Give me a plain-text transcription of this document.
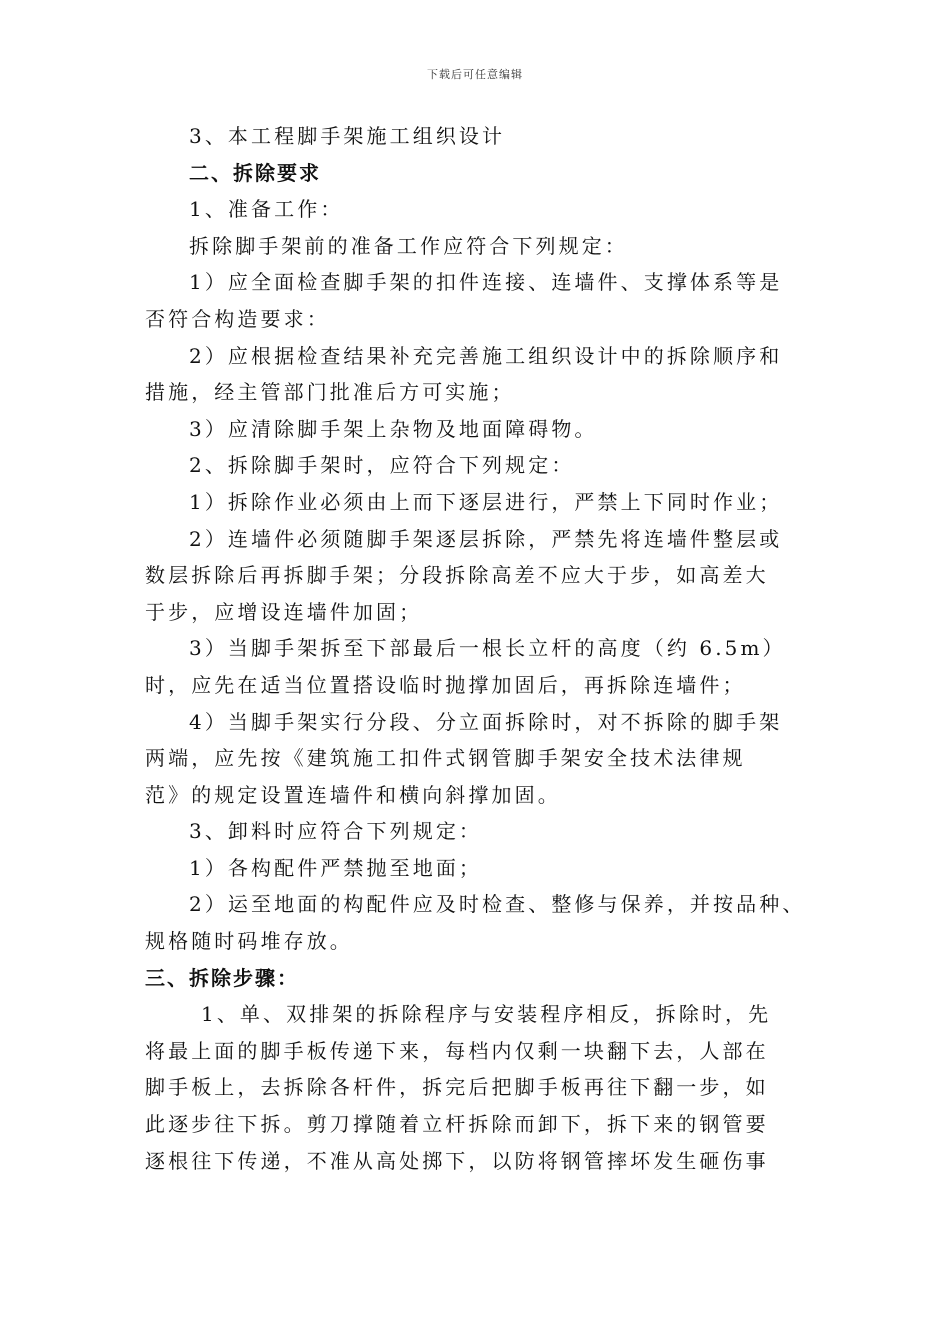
下载后可任意编辑
3、本工程脚手架施工组织设计
二、拆除要求
1、准备工作：
拆除脚手架前的准备工作应符合下列规定：
1）应全面检查脚手架的扣件连接、连墙件、支撑体系等是
否符合构造要求：
2）应根据检查结果补充完善施工组织设计中的拆除顺序和
措施，经主管部门批准后方可实施；
3）应清除脚手架上杂物及地面障碍物。
2、拆除脚手架时，应符合下列规定：
1）拆除作业必须由上而下逐层进行，严禁上下同时作业；
2）连墙件必须随脚手架逐层拆除，严禁先将连墙件整层或
数层拆除后再拆脚手架；分段拆除高差不应大于步，如高差大
于步，应增设连墙件加固；
3）当脚手架拆至下部最后一根长立杆的高度（约 6.5m）
时，应先在适当位置搭设临时抛撑加固后，再拆除连墙件；
4）当脚手架实行分段、分立面拆除时，对不拆除的脚手架
两端，应先按《建筑施工扣件式钢管脚手架安全技术法律规
范》的规定设置连墙件和横向斜撑加固。
3、卸料时应符合下列规定：
1）各构配件严禁抛至地面；
2）运至地面的构配件应及时检查、整修与保养，并按品种、
规格随时码堆存放。
三、拆除步骤：
1、单、双排架的拆除程序与安装程序相反，拆除时，先
将最上面的脚手板传递下来，每档内仅剩一块翻下去，人部在
脚手板上，去拆除各杆件，拆完后把脚手板再往下翻一步，如
此逐步往下拆。剪刀撑随着立杆拆除而卸下，拆下来的钢管要
逐根往下传递，不准从高处掷下，以防将钢管摔坏发生砸伤事
